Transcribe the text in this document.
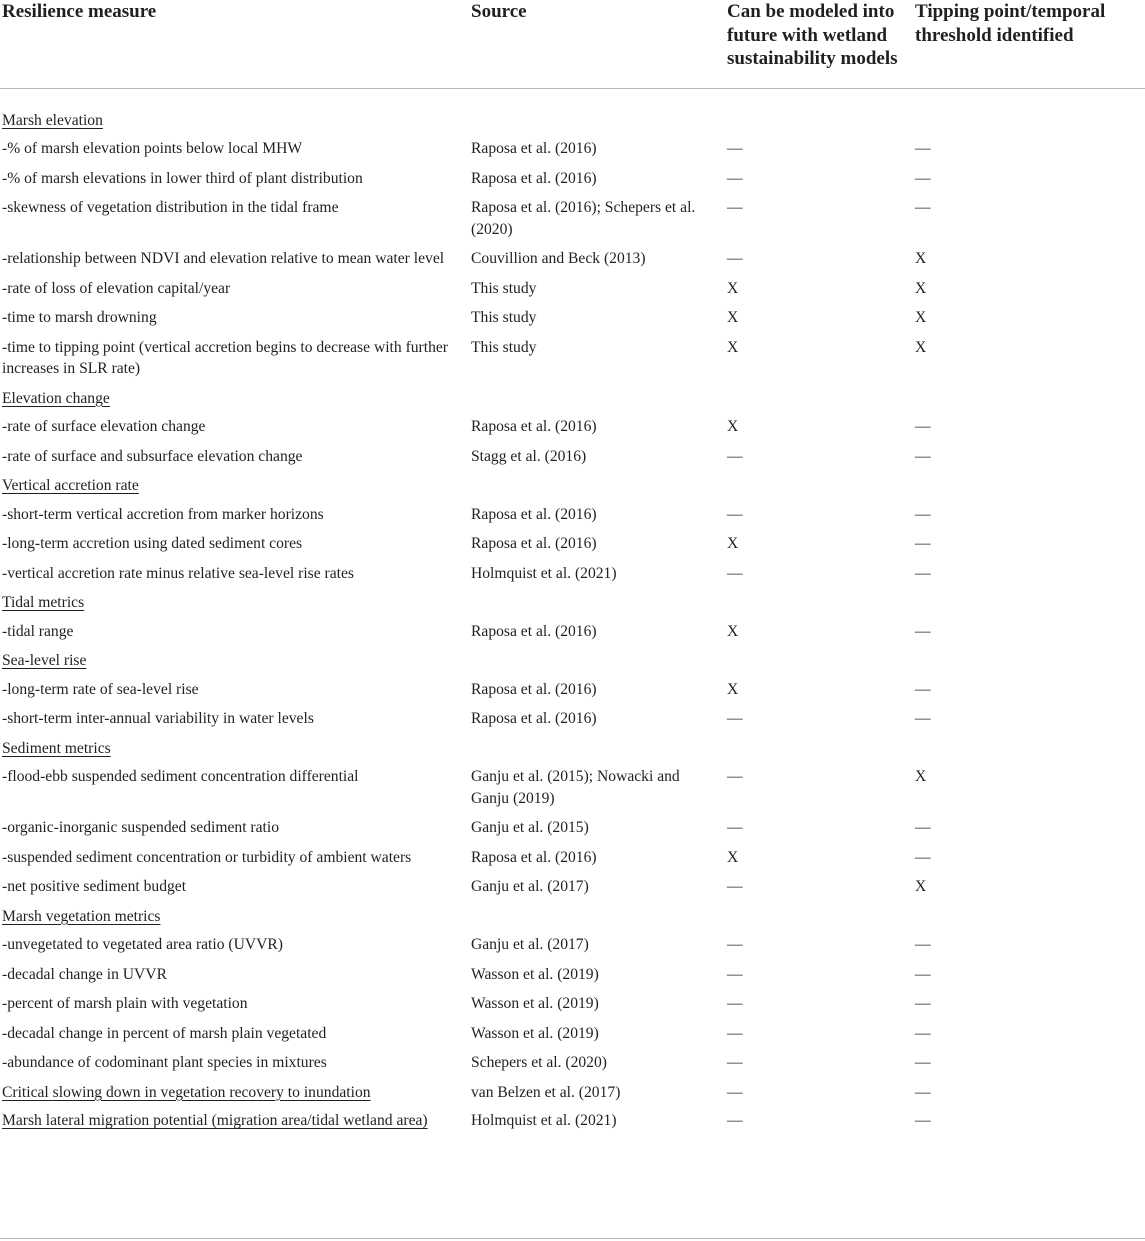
Resilience measure	Source	Can be modeled into future with wetland sustainability models	Tipping point/temporal threshold identified

Marsh elevation			
-% of marsh elevation points below local MHW	Raposa et al. (2016)	—	—
-% of marsh elevations in lower third of plant distribution	Raposa et al. (2016)	—	—
-skewness of vegetation distribution in the tidal frame	Raposa et al. (2016); Schepers et al. (2020)	—	—
-relationship between NDVI and elevation relative to mean water level	Couvillion and Beck (2013)	—	X
-rate of loss of elevation capital/year	This study	X	X
-time to marsh drowning	This study	X	X
-time to tipping point (vertical accretion begins to decrease with further increases in SLR rate)	This study	X	X
Elevation change			
-rate of surface elevation change	Raposa et al. (2016)	X	—
-rate of surface and subsurface elevation change	Stagg et al. (2016)	—	—
Vertical accretion rate			
-short-term vertical accretion from marker horizons	Raposa et al. (2016)	—	—
-long-term accretion using dated sediment cores	Raposa et al. (2016)	X	—
-vertical accretion rate minus relative sea-level rise rates	Holmquist et al. (2021)	—	—
Tidal metrics			
-tidal range	Raposa et al. (2016)	X	—
Sea-level rise			
-long-term rate of sea-level rise	Raposa et al. (2016)	X	—
-short-term inter-annual variability in water levels	Raposa et al. (2016)	—	—
Sediment metrics			
-flood-ebb suspended sediment concentration differential	Ganju et al. (2015); Nowacki and Ganju (2019)	—	X
-organic-inorganic suspended sediment ratio	Ganju et al. (2015)	—	—
-suspended sediment concentration or turbidity of ambient waters	Raposa et al. (2016)	X	—
-net positive sediment budget	Ganju et al. (2017)	—	X
Marsh vegetation metrics			
-unvegetated to vegetated area ratio (UVVR)	Ganju et al. (2017)	—	—
-decadal change in UVVR	Wasson et al. (2019)	—	—
-percent of marsh plain with vegetation	Wasson et al. (2019)	—	—
-decadal change in percent of marsh plain vegetated	Wasson et al. (2019)	—	—
-abundance of codominant plant species in mixtures	Schepers et al. (2020)	—	—
Critical slowing down in vegetation recovery to inundation	van Belzen et al. (2017)	—	—
Marsh lateral migration potential (migration area/tidal wetland area)	Holmquist et al. (2021)	—	—
